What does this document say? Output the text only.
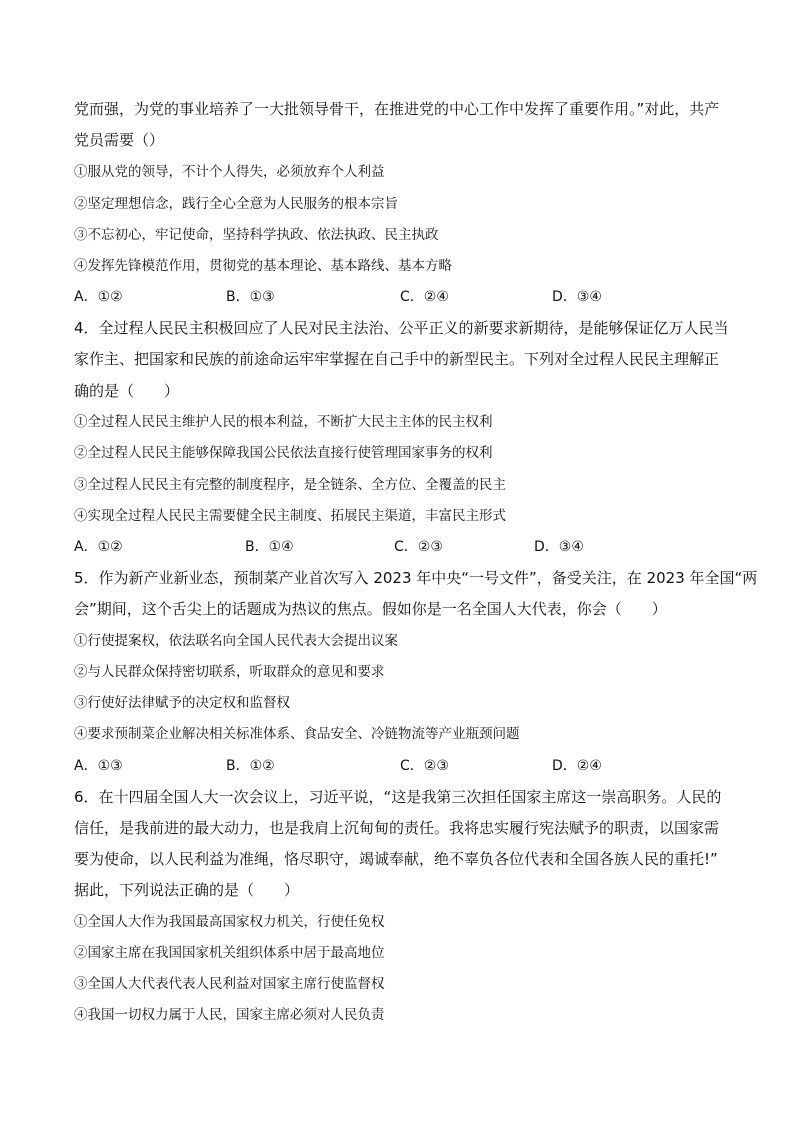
党而强，为党的事业培养了一大批领导骨干，在推进党的中心工作中发挥了重要作用。”对此，共产
党员需要（）
①服从党的领导，不计个人得失，必须放弃个人利益
②坚定理想信念，践行全心全意为人民服务的根本宗旨
③不忘初心，牢记使命，坚持科学执政、依法执政、民主执政
④发挥先锋模范作用，贯彻党的基本理论、基本路线、基本方略
A．①②	B．①③	C．②④	D．③④
4．全过程人民民主积极回应了人民对民主法治、公平正义的新要求新期待，是能够保证亿万人民当
家作主、把国家和民族的前途命运牢牢掌握在自己手中的新型民主。下列对全过程人民民主理解正
确的是（　　）
①全过程人民民主维护人民的根本利益，不断扩大民主主体的民主权利
②全过程人民民主能够保障我国公民依法直接行使管理国家事务的权利
③全过程人民民主有完整的制度程序，是全链条、全方位、全覆盖的民主
④实现全过程人民民主需要健全民主制度、拓展民主渠道，丰富民主形式
A．①②	B．①④	C．②③	D．③④
5．作为新产业新业态，预制菜产业首次写入 2023 年中央“一号文件”，备受关注，在 2023 年全国“两
会”期间，这个舌尖上的话题成为热议的焦点。假如你是一名全国人大代表，你会（　　）
①行使提案权，依法联名向全国人民代表大会提出议案
②与人民群众保持密切联系，听取群众的意见和要求
③行使好法律赋予的决定权和监督权
④要求预制菜企业解决相关标准体系、食品安全、冷链物流等产业瓶颈问题
A．①③	B．①②	C．②③	D．②④
6．在十四届全国人大一次会议上，习近平说，“这是我第三次担任国家主席这一崇高职务。人民的
信任，是我前进的最大动力，也是我肩上沉甸甸的责任。我将忠实履行宪法赋予的职责，以国家需
要为使命，以人民利益为准绳，恪尽职守，竭诚奉献，绝不辜负各位代表和全国各族人民的重托!”
据此，下列说法正确的是（　　）
①全国人大作为我国最高国家权力机关，行使任免权
②国家主席在我国国家机关组织体系中居于最高地位
③全国人大代表代表人民利益对国家主席行使监督权
④我国一切权力属于人民，国家主席必须对人民负责
